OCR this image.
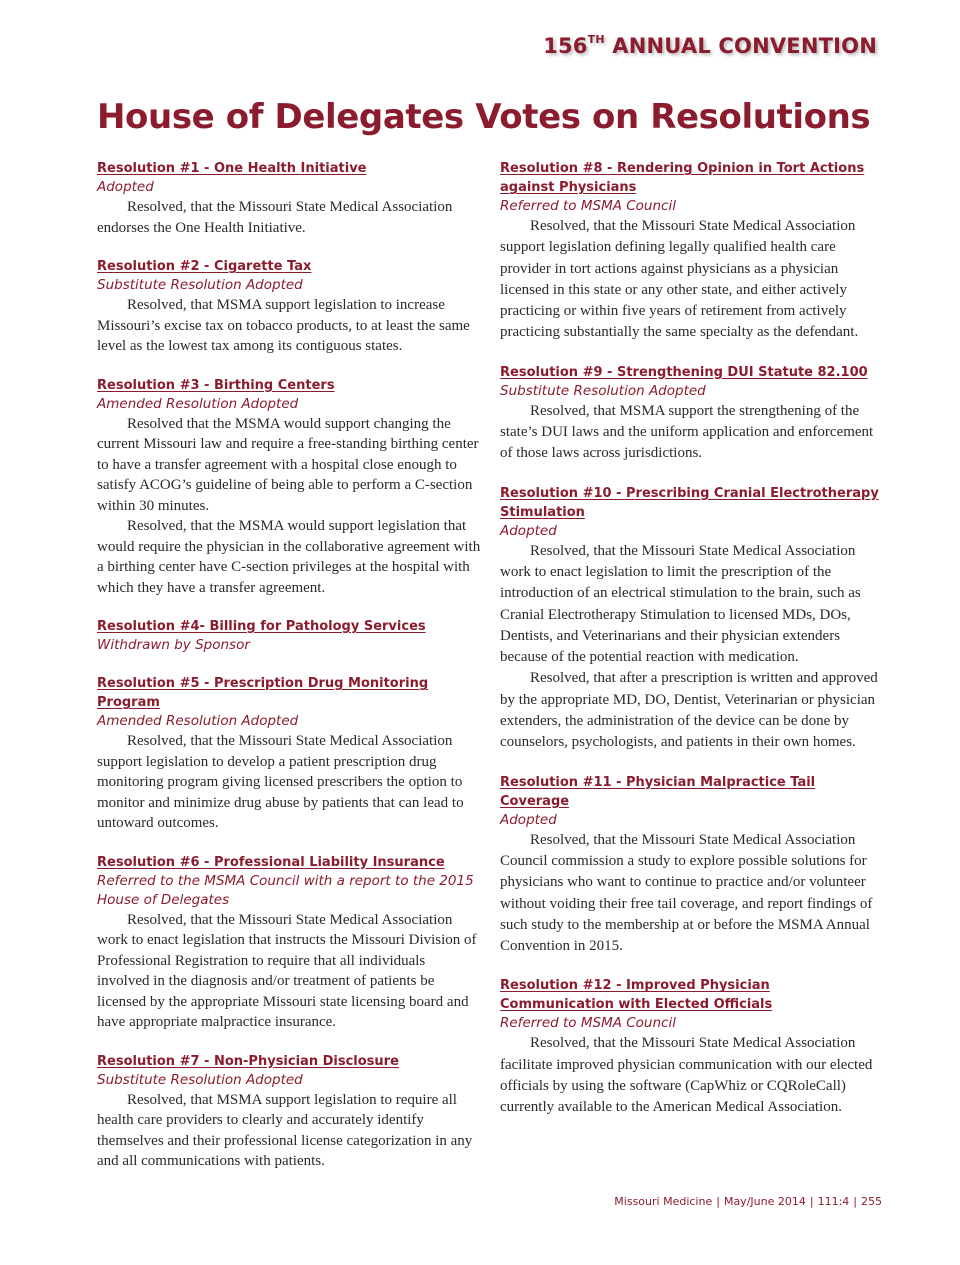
156TH ANNUAL CONVENTION
House of Delegates Votes on Resolutions
Resolution #1 - One Health Initiative
Adopted

Resolved, that the Missouri State Medical Association endorses the One Health Initiative.

Resolution #2 - Cigarette Tax
Substitute Resolution Adopted

Resolved, that MSMA support legislation to increase Missouri’s excise tax on tobacco products, to at least the same level as the lowest tax among its contiguous states.

Resolution #3 - Birthing Centers
Amended Resolution Adopted

Resolved that the MSMA would support changing the current Missouri law and require a free-standing birthing center to have a transfer agreement with a hospital close enough to satisfy ACOG’s guideline of being able to perform a C-section within 30 minutes.

Resolved, that the MSMA would support legislation that would require the physician in the collaborative agreement with a birthing center have C-section privileges at the hospital with which they have a transfer agreement.

Resolution #4- Billing for Pathology Services
Withdrawn by Sponsor
Resolution #5 - Prescription Drug Monitoring Program
Amended Resolution Adopted

Resolved, that the Missouri State Medical Association support legislation to develop a patient prescription drug monitoring program giving licensed prescribers the option to monitor and minimize drug abuse by patients that can lead to untoward outcomes.

Resolution #6 - Professional Liability Insurance
Referred to the MSMA Council with a report to the 2015 House of Delegates

Resolved, that the Missouri State Medical Association work to enact legislation that instructs the Missouri Division of Professional Registration to require that all individuals involved in the diagnosis and/or treatment of patients be licensed by the appropriate Missouri state licensing board and have appropriate malpractice insurance.

Resolution #7 - Non-Physician Disclosure
Substitute Resolution Adopted

Resolved, that MSMA support legislation to require all health care providers to clearly and accurately identify themselves and their professional license categorization in any and all communications with patients.

Resolution #8 - Rendering Opinion in Tort Actions against Physicians
Referred to MSMA Council

Resolved, that the Missouri State Medical Association support legislation defining legally qualified health care provider in tort actions against physicians as a physician licensed in this state or any other state, and either actively practicing or within five years of retirement from actively practicing substantially the same specialty as the defendant.

Resolution #9 - Strengthening DUI Statute 82.100
Substitute Resolution Adopted

Resolved, that MSMA support the strengthening of the state’s DUI laws and the uniform application and enforcement of those laws across jurisdictions.

Resolution #10 - Prescribing Cranial Electrotherapy Stimulation
Adopted

Resolved, that the Missouri State Medical Association work to enact legislation to limit the prescription of the introduction of an electrical stimulation to the brain, such as Cranial Electrotherapy Stimulation to licensed MDs, DOs, Dentists, and Veterinarians and their physician extenders because of the potential reaction with medication.

Resolved, that after a prescription is written and approved by the appropriate MD, DO, Dentist, Veterinarian or physician extenders, the administration of the device can be done by counselors, psychologists, and patients in their own homes.

Resolution #11 - Physician Malpractice Tail Coverage
Adopted

Resolved, that the Missouri State Medical Association Council commission a study to explore possible solutions for physicians who want to continue to practice and/or volunteer without voiding their free tail coverage, and report findings of such study to the membership at or before the MSMA Annual Convention in 2015.

Resolution #12 - Improved Physician Communication with Elected Officials
Referred to MSMA Council

Resolved, that the Missouri State Medical Association facilitate improved physician communication with our elected officials by using the software (CapWhiz or CQRoleCall) currently available to the American Medical Association.

Missouri Medicine | May/June 2014 | 111:4 | 255
